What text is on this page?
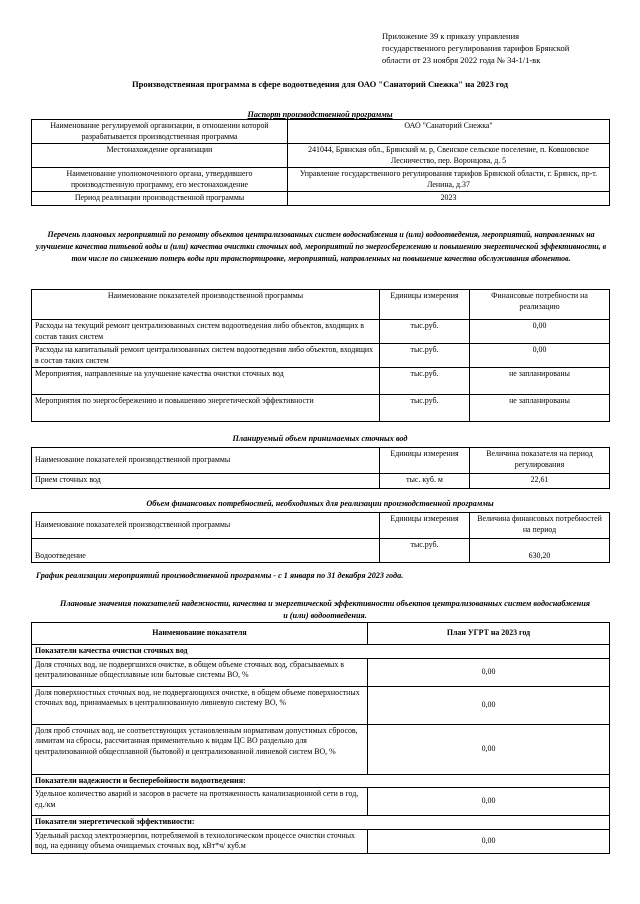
Приложение 39 к приказу управления
государственного регулирования тарифов Брянской
области от 23 ноября 2022 года № 34-1/1-вк
Производственная программа в сфере водоотведения для ОАО "Санаторий Снежка" на 2023 год
Паспорт производственной программы
Наименование регулируемой организации, в отношении которой разрабатывается производственная программа	ОАО "Санаторий Снежка"
Местонахождение организации	241044, Брянская обл., Брянский м. р, Свенское сельское поселение, п. Ковшовское Лесничество, пер. Воронцова, д. 5
Наименование уполномоченного органа, утвердившего производственную программу, его местонахождение	Управление государственного регулирования тарифов Брянской области, г. Брянск, пр-т. Ленина, д.37
Период реализации производственной программы	2023
Перечень плановых мероприятий по ремонту объектов централизованных систем водоснабжения и (или) водоотведения, мероприятий, направленных на улучшение качества питьевой воды и (или) качества очистки сточных вод, мероприятий по энергосбережению и повышению энергетической эффективности, в том числе по снижению потерь воды при транспортировке, мероприятий, направленных на повышение качества обслуживания абонентов.
Наименование показателей производственной программы	Единицы измерения	Финансовые потребности на реализацию
Расходы на текущий ремонт централизованных систем водоотведения либо объектов, входящих в состав таких систем	тыс.руб.	0,00
Расходы на капитальный ремонт централизованных систем водоотведения либо объектов, входящих в состав таких систем	тыс.руб.	0,00
Мероприятия, направленные на улучшение качества очистки сточных вод	тыс.руб.	не запланированы
Мероприятия по энергосбережению и повышению энергетической эффективности	тыс.руб.	не запланированы
Планируемый объем принимаемых сточных вод
Наименование показателей производственной программы	Единицы измерения	Величина показателя на период регулирования
Прием сточных вод	тыс. куб. м	22,61
Объем финансовых потребностей, необходимых для реализации производственной программы
Наименование показателей производственной программы	Единицы измерения	Величина финансовых потребностей на период
Водоотведение	тыс.руб.	630,20
График реализации мероприятий производственной программы - с 1 января по 31 декабря 2023 года.
Плановые значения показателей надежности, качества и энергетической эффективности объектов централизованных систем водоснабжения и (или) водоотведения.
Наименование показателя	План УГРТ на 2023 год
Показатели качества очистки сточных вод	
Доля сточных вод, не подвергшихся очистке, в общем объеме сточных вод, сбрасываемых в централизованные общесплавные или бытовые системы ВО, %	0,00
Доля поверхностных сточных вод, не подвергающихся очистке, в общем объеме поверхностных сточных вод, принимаемых в централизованную ливневую систему ВО, %	0,00
Доля проб сточных вод, не соответствующих установленным нормативам допустимых сбросов, лимитам на сбросы, рассчитанная применительно к видам ЦС ВО раздельно для централизованной общесплавной (бытовой) и централизованной ливневой систем ВО, %	0,00
Показатели надежности и бесперебойности водоотведения:	
Удельное количество аварий и засоров в расчете на протяженность канализационной сети в год, ед./км	0,00
Показатели энергетической эффективности:	
Удельный расход электроэнергии, потребляемой в технологическом процессе очистки сточных вод, на единицу объема очищаемых сточных вод, кВт*ч/ куб.м	0,00
